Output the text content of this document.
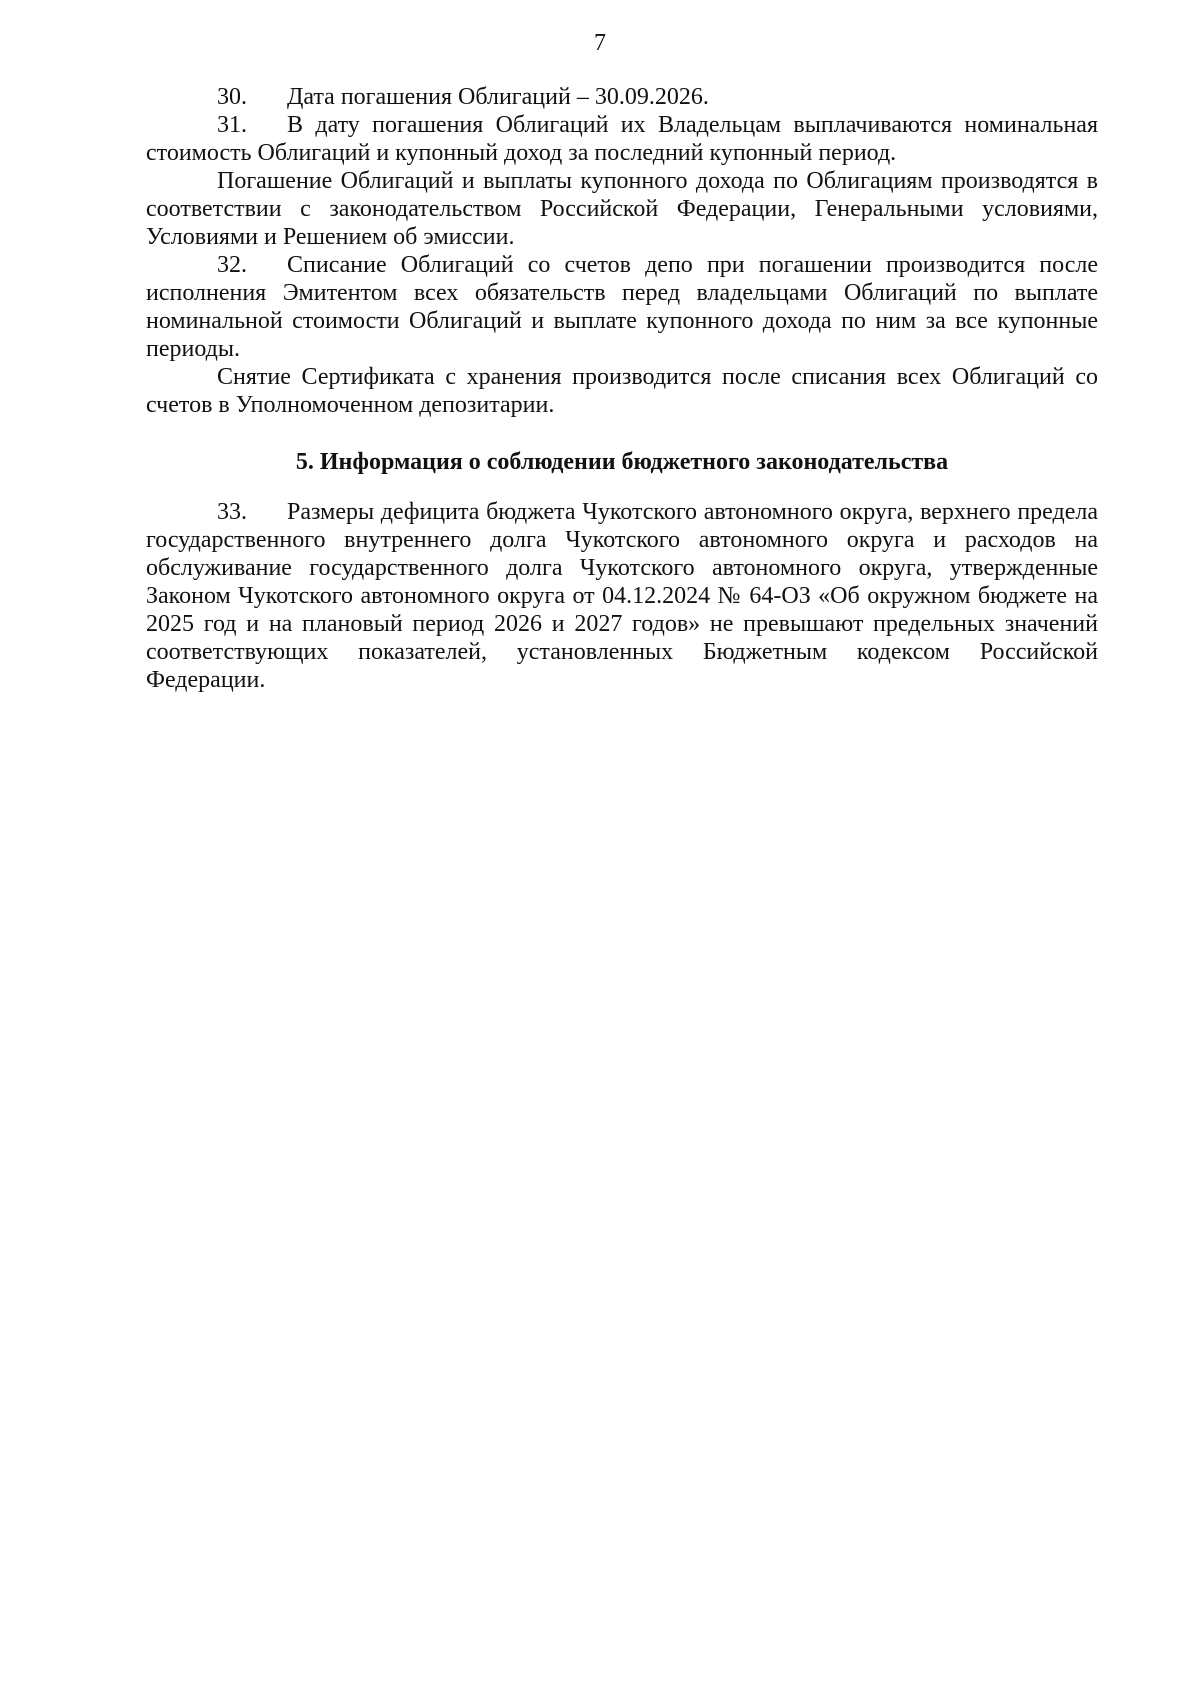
7

30. Дата погашения Облигаций – 30.09.2026.

31. В дату погашения Облигаций их Владельцам выплачиваются номинальная стоимость Облигаций и купонный доход за последний купонный период.

Погашение Облигаций и выплаты купонного дохода по Облигациям производятся в соответствии с законодательством Российской Федерации, Генеральными условиями, Условиями и Решением об эмиссии.

32. Списание Облигаций со счетов депо при погашении производится после исполнения Эмитентом всех обязательств перед владельцами Облигаций по выплате номинальной стоимости Облигаций и выплате купонного дохода по ним за все купонные периоды.

Снятие Сертификата с хранения производится после списания всех Облигаций со счетов в Уполномоченном депозитарии.

5. Информация о соблюдении бюджетного законодательства

33. Размеры дефицита бюджета Чукотского автономного округа, верхнего предела государственного внутреннего долга Чукотского автономного округа и расходов на обслуживание государственного долга Чукотского автономного округа, утвержденные Законом Чукотского автономного округа от 04.12.2024 № 64-ОЗ «Об окружном бюджете на 2025 год и на плановый период 2026 и 2027 годов» не превышают предельных значений соответствующих показателей, установленных Бюджетным кодексом Российской Федерации.
